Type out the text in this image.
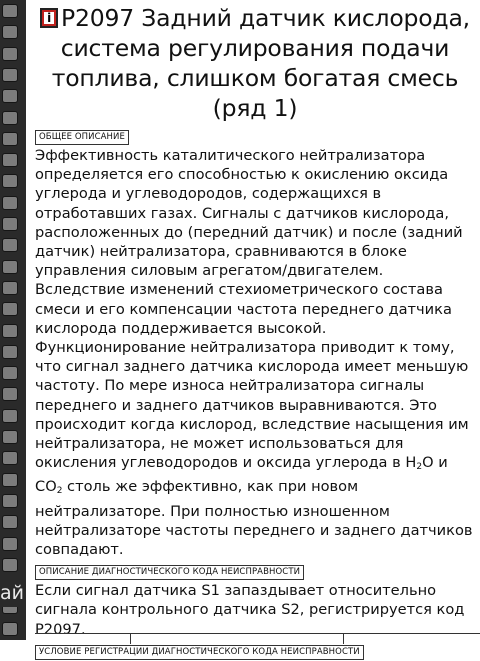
ай
iP2097 Задний датчик кислорода, система регулирования подачи топлива, слишком богатая смесь (ряд 1)
ОБЩЕЕ ОПИСАНИЕ

Эффективность каталитического нейтрализатора определяется его способностью к окислению оксида углерода и углеводородов, содержащихся в отработавших газах. Сигналы с датчиков кислорода, расположенных до (передний датчик) и после (задний датчик) нейтрализатора, сравниваются в блоке управления силовым агрегатом/двигателем. Вследствие изменений стехиометрического состава смеси и его компенсации частота переднего датчика кислорода поддерживается высокой. Функционирование нейтрализатора приводит к тому, что сигнал заднего датчика кислорода имеет меньшую частоту. По мере износа нейтрализатора сигналы переднего и заднего датчиков выравниваются. Это происходит когда кислород, вследствие насыщения им нейтрализатора, не может использоваться для окисления углеводородов и оксида углерода в $H_2O$ и $CO_2$ столь же эффективно, как при новом нейтрализаторе. При полностью изношенном нейтрализаторе частоты переднего и заднего датчиков совпадают.

ОПИСАНИЕ ДИАГНОСТИЧЕСКОГО КОДА НЕИСПРАВНОСТИ

Если сигнал датчика S1 запаздывает относительно сигнала контрольного датчика S2, регистрируется код P2097.

УСЛОВИЕ РЕГИСТРАЦИИ ДИАГНОСТИЧЕСКОГО КОДА НЕИСПРАВНОСТИ
